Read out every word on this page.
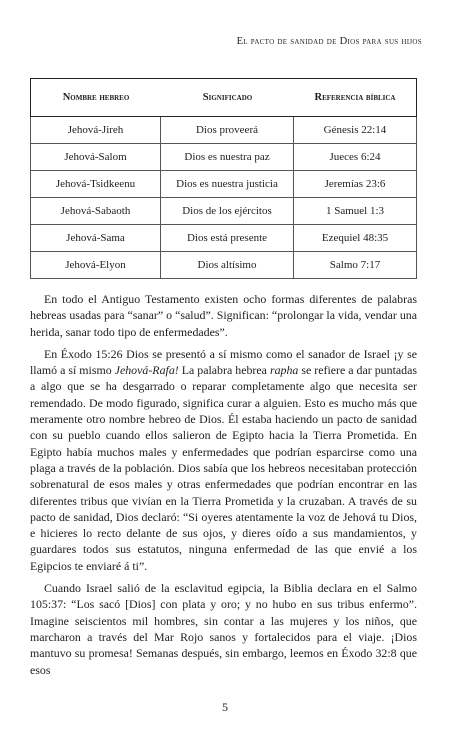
El pacto de sanidad de Dios para sus hijos
Nombre hebreo	Significado	Referencia bíblica
Jehová-Jireh	Dios proveerá	Génesis 22:14
Jehová-Salom	Dios es nuestra paz	Jueces 6:24
Jehová-Tsidkeenu	Dios es nuestra justicia	Jeremías 23:6
Jehová-Sabaoth	Dios de los ejércitos	1 Samuel 1:3
Jehová-Sama	Dios está presente	Ezequiel 48:35
Jehová-Elyon	Dios altísimo	Salmo 7:17

En todo el Antiguo Testamento existen ocho formas diferentes de palabras hebreas usadas para “sanar” o “salud”. Significan: “prolongar la vida, vendar una herida, sanar todo tipo de enfermedades”.

En Éxodo 15:26 Dios se presentó a sí mismo como el sanador de Israel ¡y se llamó a sí mismo Jehová-Rafa! La palabra hebrea rapha se refiere a dar puntadas a algo que se ha desgarrado o reparar completamente algo que necesita ser remendado. De modo figurado, significa curar a alguien. Esto es mucho más que meramente otro nombre hebreo de Dios. Él estaba haciendo un pacto de sanidad con su pueblo cuando ellos salieron de Egipto hacia la Tierra Prometida. En Egipto había muchos males y enfermedades que podrían esparcirse como una plaga a través de la población. Dios sabía que los hebreos necesitaban protección sobrenatural de esos males y otras enfermedades que podrían encontrar en las diferentes tribus que vivían en la Tierra Prometida y la cruzaban. A través de su pacto de sanidad, Dios declaró: “Si oyeres atentamente la voz de Jehová tu Dios, e hicieres lo recto delante de sus ojos, y dieres oído a sus mandamientos, y guardares todos sus estatutos, ninguna enfermedad de las que envié a los Egipcios te enviaré á ti”.

Cuando Israel salió de la esclavitud egipcia, la Biblia declara en el Salmo 105:37: “Los sacó [Dios] con plata y oro; y no hubo en sus tribus enfermo”. Imagine seiscientos mil hombres, sin contar a las mujeres y los niños, que marcharon a través del Mar Rojo sanos y fortalecidos para el viaje. ¡Dios mantuvo su promesa! Semanas después, sin embargo, leemos en Éxodo 32:8 que esos

5
